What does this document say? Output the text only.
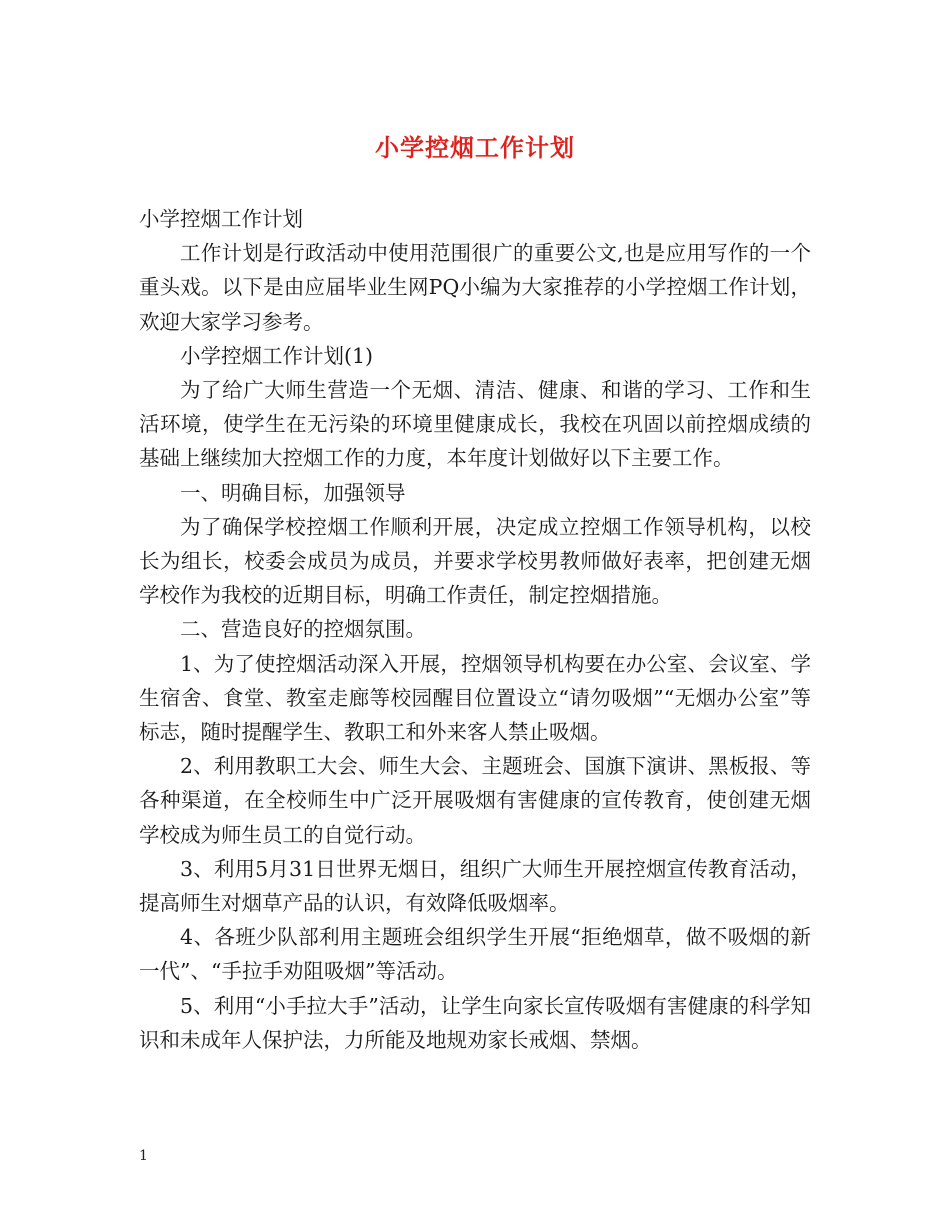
小学控烟工作计划

小学控烟工作计划

工作计划是行政活动中使用范围很广的重要公文,也是应用写作的一个重头戏。以下是由应届毕业生网PQ小编为大家推荐的小学控烟工作计划，欢迎大家学习参考。

小学控烟工作计划(1)

为了给广大师生营造一个无烟、清洁、健康、和谐的学习、工作和生活环境，使学生在无污染的环境里健康成长，我校在巩固以前控烟成绩的基础上继续加大控烟工作的力度，本年度计划做好以下主要工作。

一、明确目标，加强领导

为了确保学校控烟工作顺利开展，决定成立控烟工作领导机构，以校长为组长，校委会成员为成员，并要求学校男教师做好表率，把创建无烟学校作为我校的近期目标，明确工作责任，制定控烟措施。

二、营造良好的控烟氛围。

1、为了使控烟活动深入开展，控烟领导机构要在办公室、会议室、学生宿舍、食堂、教室走廊等校园醒目位置设立“请勿吸烟”“无烟办公室”等标志，随时提醒学生、教职工和外来客人禁止吸烟。

2、利用教职工大会、师生大会、主题班会、国旗下演讲、黑板报、等各种渠道，在全校师生中广泛开展吸烟有害健康的宣传教育，使创建无烟学校成为师生员工的自觉行动。

3、利用5月31日世界无烟日，组织广大师生开展控烟宣传教育活动，提高师生对烟草产品的认识，有效降低吸烟率。

4、各班少队部利用主题班会组织学生开展“拒绝烟草，做不吸烟的新一代”、“手拉手劝阻吸烟”等活动。

5、利用“小手拉大手”活动，让学生向家长宣传吸烟有害健康的科学知识和未成年人保护法，力所能及地规劝家长戒烟、禁烟。

1
